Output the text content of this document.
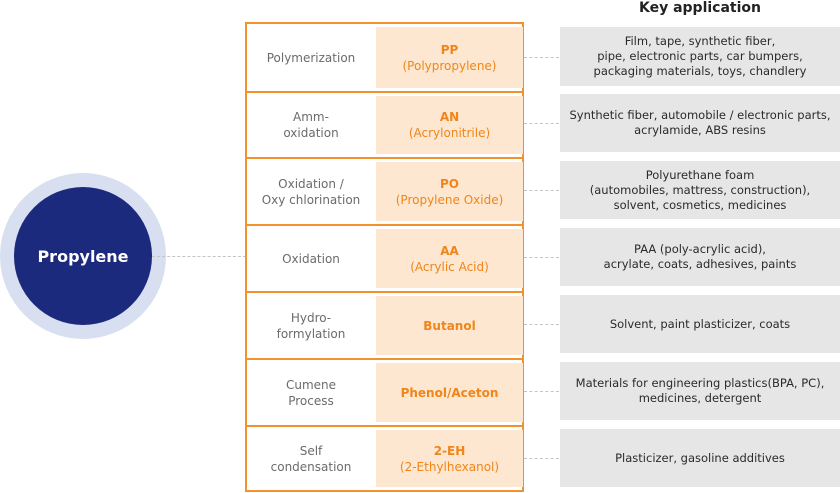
Key application
Propylene
Polymerization
PP
(Polypropylene)
Amm-
oxidation
AN
(Acrylonitrile)
Oxidation /
Oxy chlorination
PO
(Propylene Oxide)
Oxidation
AA
(Acrylic Acid)
Hydro-
formylation
Butanol
Cumene
Process
Phenol/Aceton
Self
condensation
2-EH
(2-Ethylhexanol)
Film, tape, synthetic fiber,
pipe, electronic parts, car bumpers,
packaging materials, toys, chandlery
Synthetic fiber, automobile / electronic parts,
acrylamide, ABS resins
Polyurethane foam
(automobiles, mattress, construction),
solvent, cosmetics, medicines
PAA (poly-acrylic acid),
acrylate, coats, adhesives, paints
Solvent, paint plasticizer, coats
Materials for engineering plastics(BPA, PC),
medicines, detergent
Plasticizer, gasoline additives
